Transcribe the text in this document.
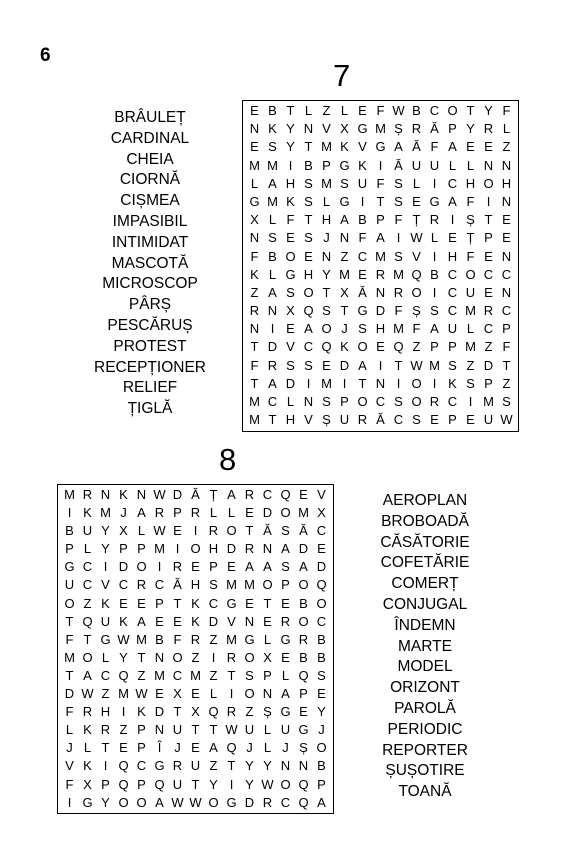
6
7
BRÂULEȚ
CARDINAL
CHEIA
CIORNĂ
CIȘMEA
IMPASIBIL
INTIMIDAT
MASCOTĂ
MICROSCOP
PÂRȘ
PESCĂRUȘ
PROTEST
RECEPȚIONER
RELIEF
ȚIGLĂ
E B T L Z L E F W B C O T Y F
N K Y N V X G M Ș R Ă P Y R L
E S Y T M K V G A Ă F A E E Z
M M I B P G K I Ă U U L L N N
L A H S M S U F S L I C H O H
G M K S L G I T S E G A F I N
X L F T H A B P F Ț R I Ș T E
N S E S J N F A I W L E Ț P E
F B O E N Z C M S V I H F E N
K L G H Y M E R M Q B C O C C
Z A S O T X Ă N R O I C U E N
R N X Q S T G D F Ș S C M R C
N I E A O J S H M F A U L C P
T D V C Q K O E Q Z P P M Z F
F R S S E D A I T W M S Z D T
T A D I M I T N I O I K S P Z
M C L N S P O C S O R C I M S
M T H V Ș U R Ă C S E P E U W
8
M R N K N W D Ă Ț A R C Q E V
I K M J A R P R L L E D O M X
B U Y X L W E I R O T Ă S Ă C
P L Y P P M I O H D R N A D E
G C I D O I R E P E A A S A D
U C V C R C Ă H S M M O P O Q
O Z K E E P T K C G E T E B O
T Q U K A E E K D V N E R O C
F T G W M B F R Z M G L G R B
M O L Y T N O Z I R O X E B B
T A C Q Z M C M Z T S P L Q S
D W Z M W E X E L I O N A P E
F R H I K D T X Q R Z Ș G E Y
L K R Z P N U T T W U L U G J
J L T E P Î J E A Q J L J Ș O
V K I Q C G R U Z T Y Y N N B
F X P Q P Q U T Y I Y W O Q P
I G Y O O A W W O G D R C Q A
AEROPLAN
BROBOADĂ
CĂSĂTORIE
COFETĂRIE
COMERȚ
CONJUGAL
ÎNDEMN
MARTE
MODEL
ORIZONT
PAROLĂ
PERIODIC
REPORTER
ȘUȘOTIRE
TOANĂ
